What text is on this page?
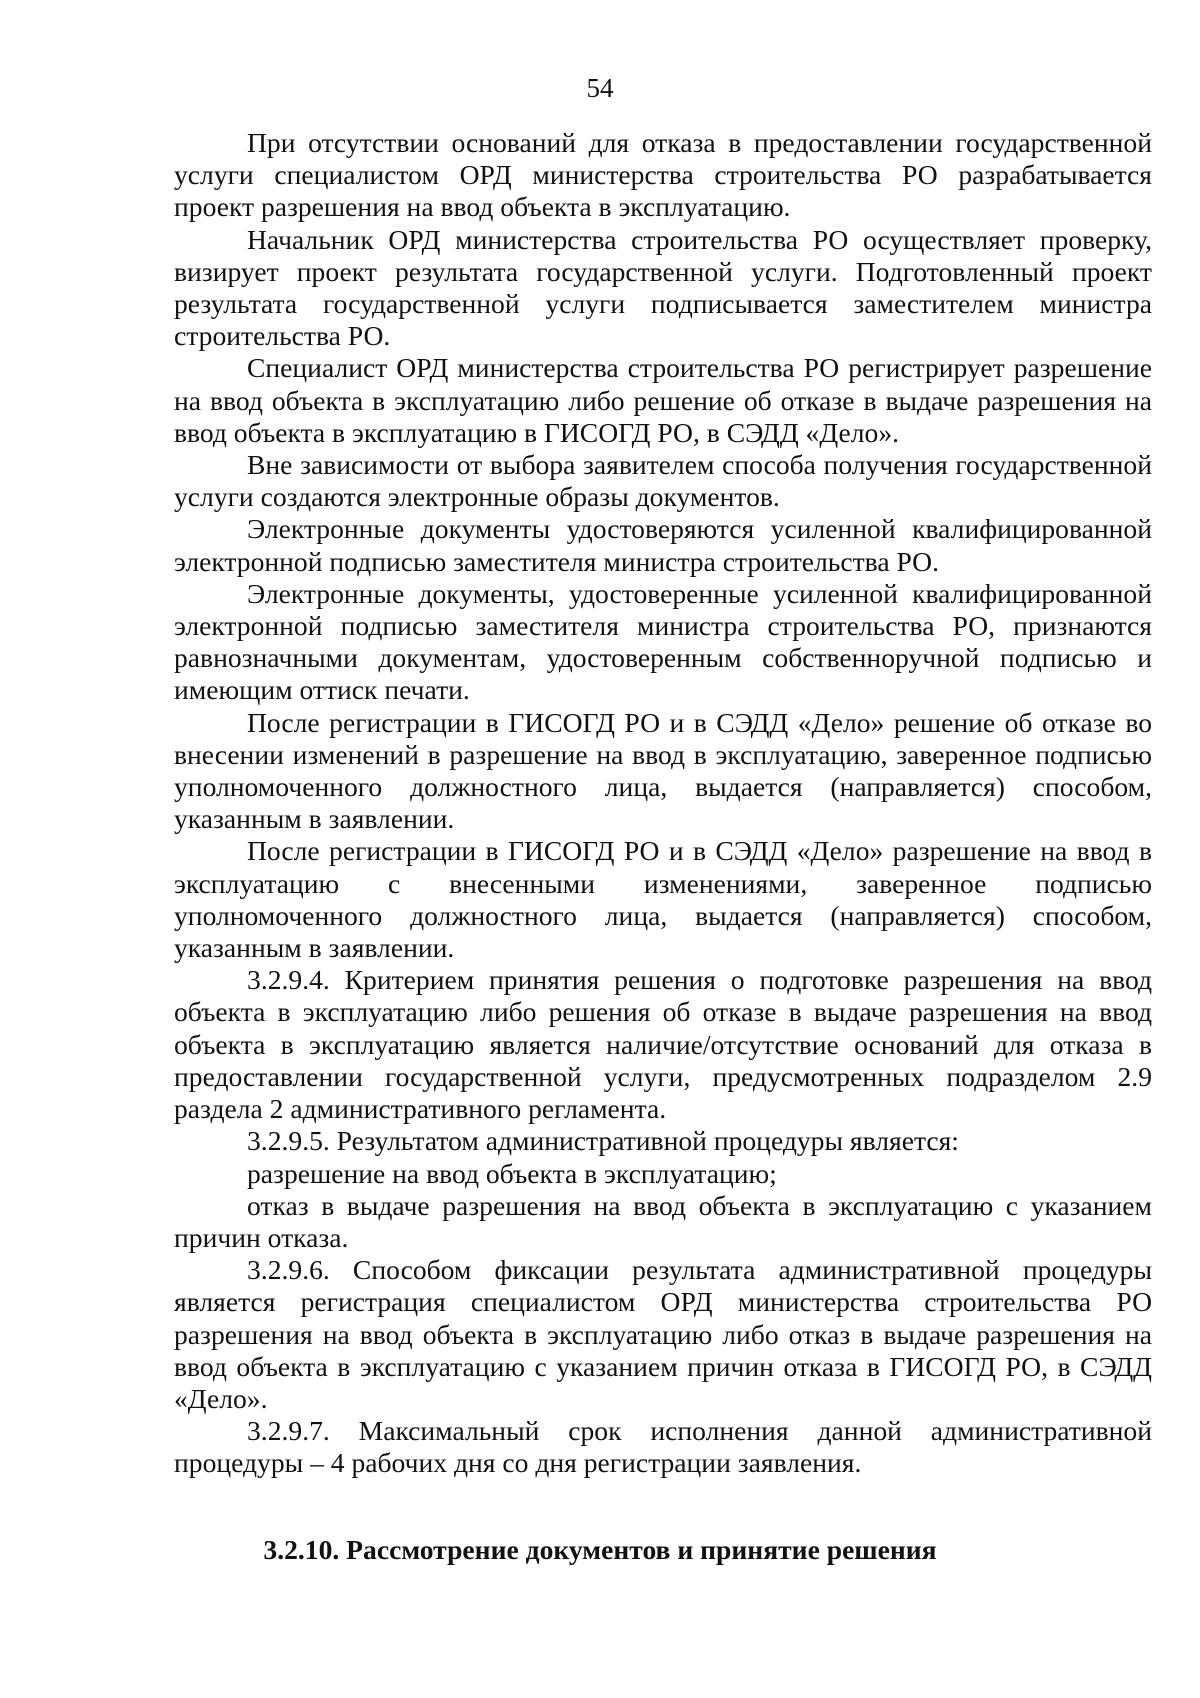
54

При отсутствии оснований для отказа в предоставлении государственной услуги специалистом ОРД министерства строительства РО разрабатывается проект разрешения на ввод объекта в эксплуатацию.

Начальник ОРД министерства строительства РО осуществляет проверку, визирует проект результата государственной услуги. Подготовленный проект результата государственной услуги подписывается заместителем министра строительства РО.

Специалист ОРД министерства строительства РО регистрирует разрешение на ввод объекта в эксплуатацию либо решение об отказе в выдаче разрешения на ввод объекта в эксплуатацию в ГИСОГД РО, в СЭДД «Дело».

Вне зависимости от выбора заявителем способа получения государственной услуги создаются электронные образы документов.

Электронные документы удостоверяются усиленной квалифицированной электронной подписью заместителя министра строительства РО.

Электронные документы, удостоверенные усиленной квалифицированной электронной подписью заместителя министра строительства РО, признаются равнозначными документам, удостоверенным собственноручной подписью и имеющим оттиск печати.

После регистрации в ГИСОГД РО и в СЭДД «Дело» решение об отказе во внесении изменений в разрешение на ввод в эксплуатацию, заверенное подписью уполномоченного должностного лица, выдается (направляется) способом, указанным в заявлении.

После регистрации в ГИСОГД РО и в СЭДД «Дело» разрешение на ввод в эксплуатацию с внесенными изменениями, заверенное подписью уполномоченного должностного лица, выдается (направляется) способом, указанным в заявлении.

3.2.9.4. Критерием принятия решения о подготовке разрешения на ввод объекта в эксплуатацию либо решения об отказе в выдаче разрешения на ввод объекта в эксплуатацию является наличие/отсутствие оснований для отказа в предоставлении государственной услуги, предусмотренных подразделом 2.9 раздела 2 административного регламента.

3.2.9.5. Результатом административной процедуры является:

разрешение на ввод объекта в эксплуатацию;

отказ в выдаче разрешения на ввод объекта в эксплуатацию с указанием причин отказа.

3.2.9.6. Способом фиксации результата административной процедуры является регистрация специалистом ОРД министерства строительства РО разрешения на ввод объекта в эксплуатацию либо отказ в выдаче разрешения на ввод объекта в эксплуатацию с указанием причин отказа в ГИСОГД РО, в СЭДД «Дело».

3.2.9.7. Максимальный срок исполнения данной административной процедуры – 4 рабочих дня со дня регистрации заявления.

3.2.10. Рассмотрение документов и принятие решения
